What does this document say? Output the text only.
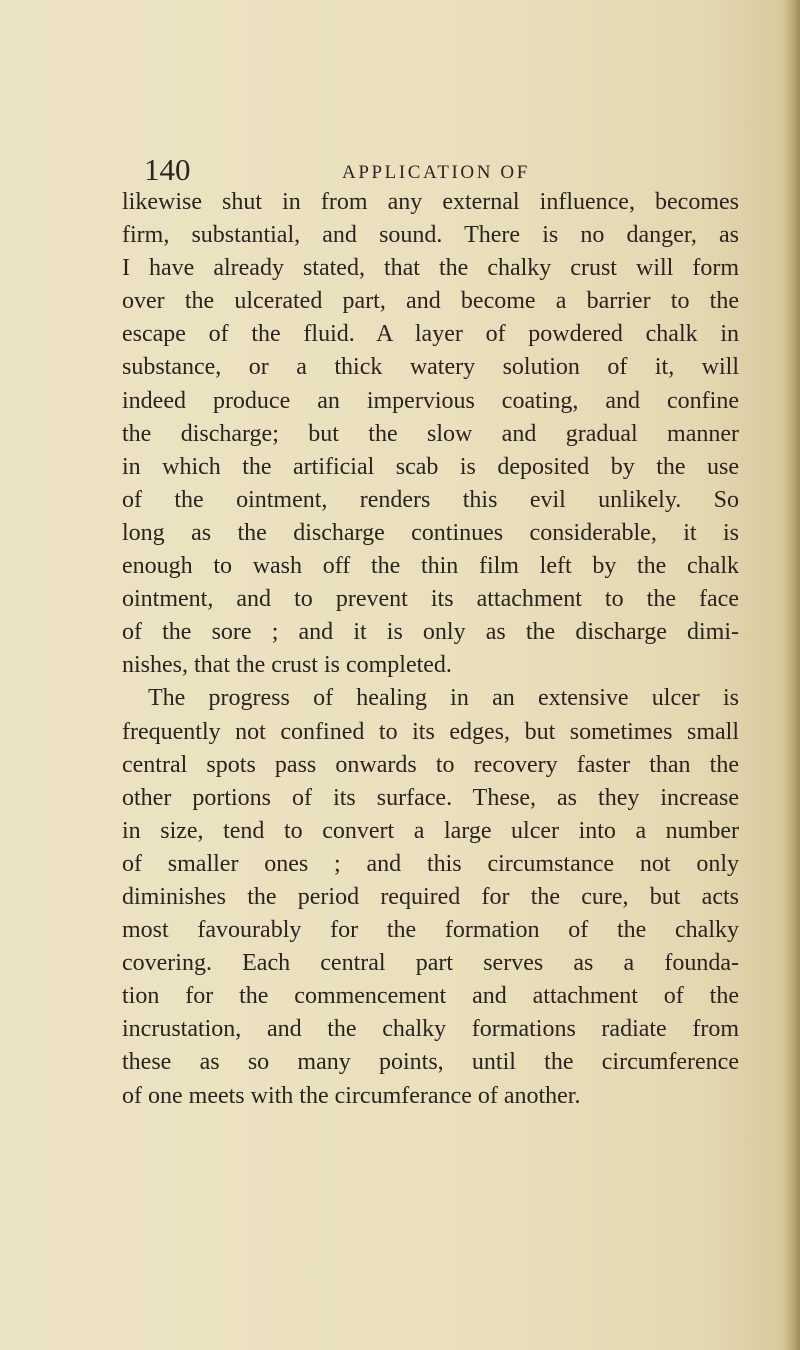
140	APPLICATION OF
likewise shut in from any external influence, becomes
firm, substantial, and sound. There is no danger, as
I have already stated, that the chalky crust will form
over the ulcerated part, and become a barrier to the
escape of the fluid. A layer of powdered chalk in
substance, or a thick watery solution of it, will
indeed produce an impervious coating, and confine
the discharge; but the slow and gradual manner
in which the artificial scab is deposited by the use
of the ointment, renders this evil unlikely. So
long as the discharge continues considerable, it is
enough to wash off the thin film left by the chalk
ointment, and to prevent its attachment to the face
of the sore ; and it is only as the discharge dimi-
nishes, that the crust is completed.
The progress of healing in an extensive ulcer is
frequently not confined to its edges, but sometimes small
central spots pass onwards to recovery faster than the
other portions of its surface. These, as they increase
in size, tend to convert a large ulcer into a number
of smaller ones ; and this circumstance not only
diminishes the period required for the cure, but acts
most favourably for the formation of the chalky
covering. Each central part serves as a founda-
tion for the commencement and attachment of the
incrustation, and the chalky formations radiate from
these as so many points, until the circumference
of one meets with the circumferance of another.
